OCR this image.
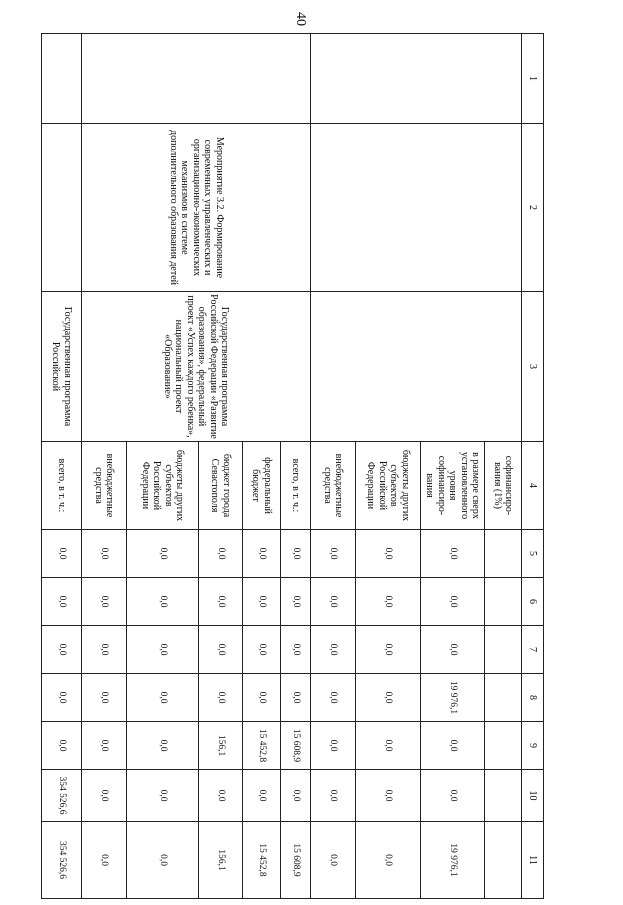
40
1	2	3	4	5	6	7	8	9	10	11
			софинансиро-вания (1%)							
			в размере сверх установленного уровня софинансиро-вания	0,0	0,0	0,0	19 976,1	0,0	0,0	19 976,1
			бюджеты других субъектов Российской Федерации	0,0	0,0	0,0	0,0	0,0	0,0	0,0
			внебюджетные средства	0,0	0,0	0,0	0,0	0,0	0,0	0,0
	Мероприятие 3.2. Формирование современных управленческих и организационно-экономических механизмов в системе дополнительного образования детей	Государственная программа Российской Федерации «Развитие образования», федеральный проект «Успех каждого ребенка», национальный проект «Образование»	всего, в т. ч.:	0,0	0,0	0,0	0,0	15 608,9	0,0	15 608,9
			федеральный бюджет	0,0	0,0	0,0	0,0	15 452,8	0,0	15 452,8
			бюджет города Севастополя	0,0	0,0	0,0	0,0	156,1	0,0	156,1
			бюджеты других субъектов Российской Федерации	0,0	0,0	0,0	0,0	0,0	0,0	0,0
			внебюджетные средства	0,0	0,0	0,0	0,0	0,0	0,0	0,0
		Государственная программа Российской	всего, в т. ч.:	0,0	0,0	0,0	0,0	0,0	354 526,6	354 526,6
